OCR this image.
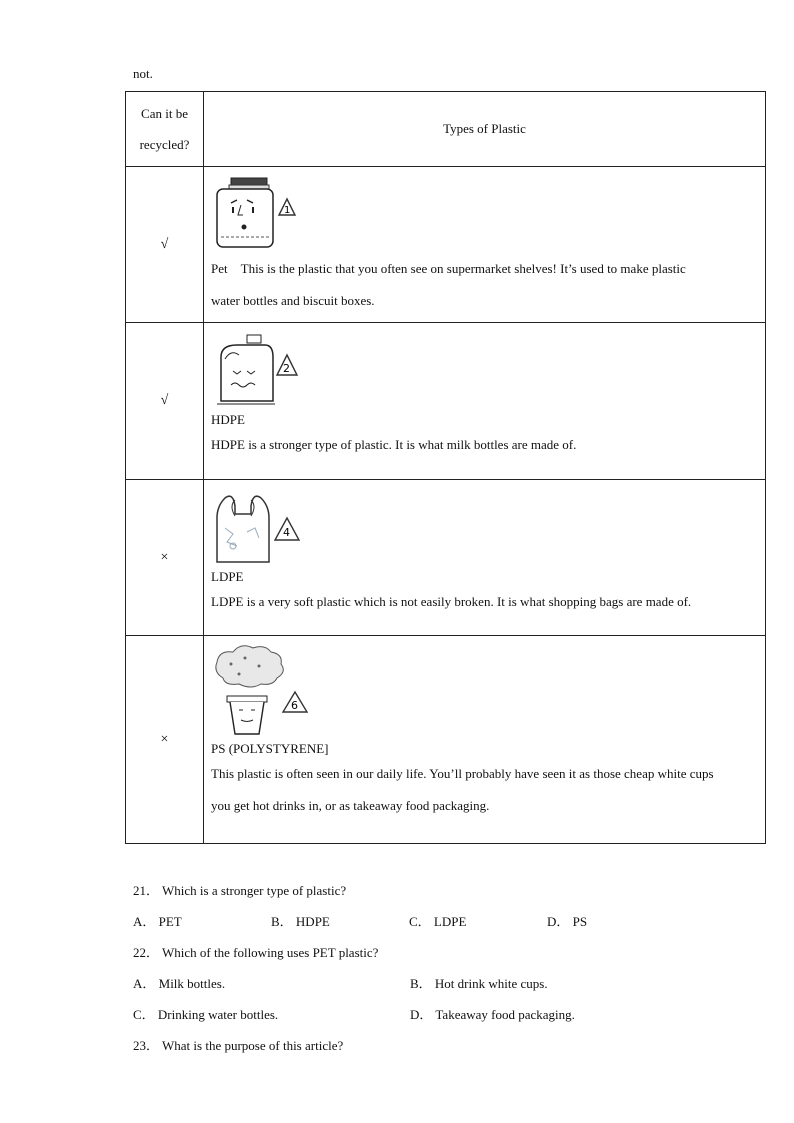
not.
Can it be
recycled?	Types of Plastic
√	1
Pet This is the plastic that you often see on supermarket shelves! It’s used to make plastic
water bottles and biscuit boxes.

√	2
HDPE
HDPE is a stronger type of plastic. It is what milk bottles are made of.

×	4
LDPE
LDPE is a very soft plastic which is not easily broken. It is what shopping bags are made of.

×	6
PS (POLYSTYRENE]
This plastic is often seen in our daily life. You’ll probably have seen it as those cheap white cups
you get hot drinks in, or as takeaway food packaging.
21． Which is a stronger type of plastic?
A． PET	B． HDPE	C． LDPE	D． PS
22． Which of the following uses PET plastic?
A． Milk bottles.	B． Hot drink white cups.
C． Drinking water bottles.	D． Takeaway food packaging.
23． What is the purpose of this article?
